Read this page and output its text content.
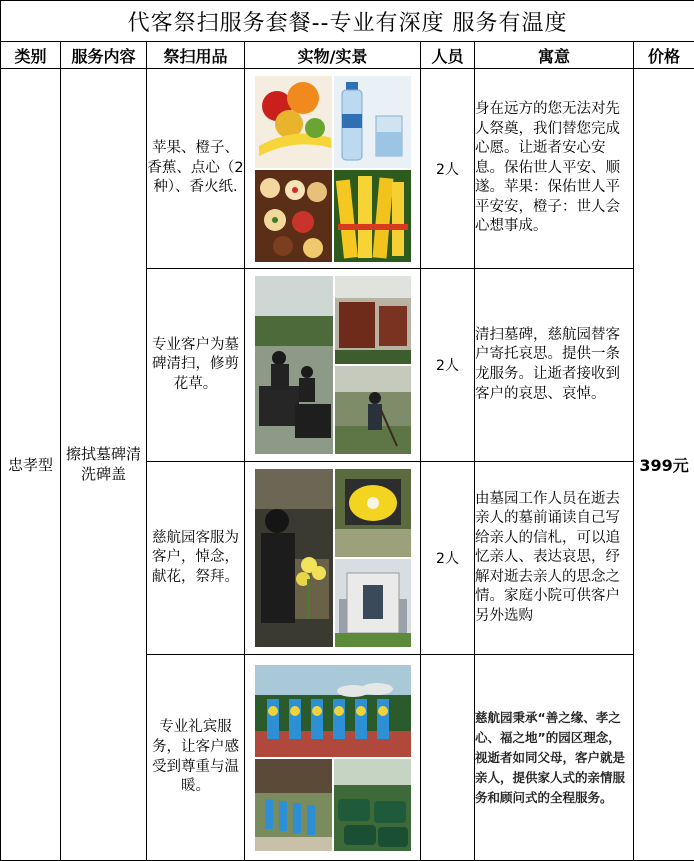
代客祭扫服务套餐--专业有深度 服务有温度						
类别	服务内容	祭扫用品	实物/实景	人员	寓意	价格
忠孝型	擦拭墓碑清洗碑盖	苹果、橙子、香蕉、点心（2种）、香火纸.		2人	身在远方的您无法对先人祭奠，我们替您完成心愿。让逝者安心安息。保佑世人平安、顺遂。苹果：保佑世人平平安安，橙子：世人会心想事成。	399元
		专业客户为墓碑清扫，修剪花草。		2人	清扫墓碑，慈航园替客户寄托哀思。提供一条龙服务。让逝者接收到客户的哀思、哀悼。	
		慈航园客服为客户，悼念，献花，祭拜。		2人	由墓园工作人员在逝去亲人的墓前诵读自己写给亲人的信札，可以追忆亲人、表达哀思，纾解对逝去亲人的思念之情。家庭小院可供客户另外选购	
		专业礼宾服务，让客户感受到尊重与温暖。			慈航园秉承“善之缘、孝之心、福之地”的园区理念，视逝者如同父母，客户就是亲人，提供家人式的亲情服务和顾问式的全程服务。	
